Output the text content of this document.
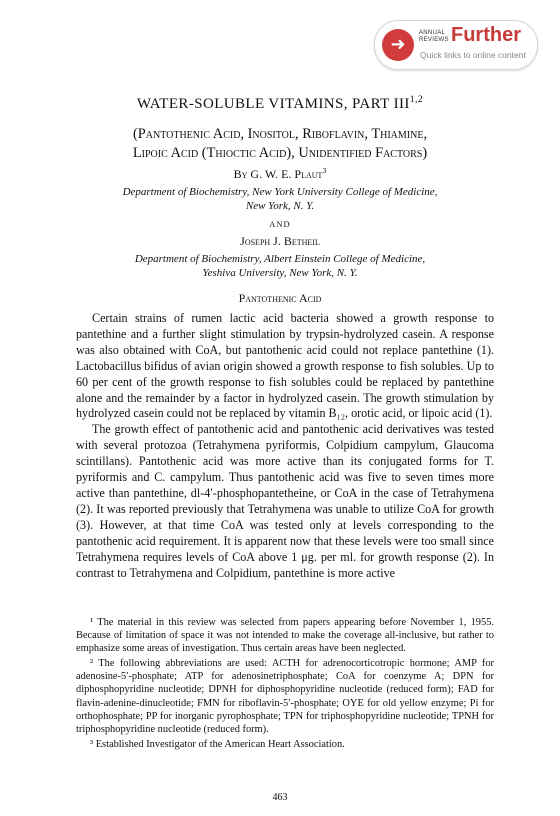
➜
ANNUAL
REVIEWS Further
Quick links to online content
WATER-SOLUBLE VITAMINS, PART III$^{1,2}$
(Pantothenic Acid, Inositol, Riboflavin, Thiamine,
Lipoic Acid (Thioctic Acid), Unidentified Factors)
By G. W. E. Plaut$^3$
Department of Biochemistry, New York University College of Medicine,
New York, N. Y.
AND
Joseph J. Betheil
Department of Biochemistry, Albert Einstein College of Medicine,
Yeshiva University, New York, N. Y.
Pantothenic Acid

Certain strains of rumen lactic acid bacteria showed a growth response to pantethine and a further slight stimulation by trypsin-hydrolyzed casein. A response was also obtained with CoA, but pantothenic acid could not replace pantethine (1). Lactobacillus bifidus of avian origin showed a growth response to fish solubles. Up to 60 per cent of the growth response to fish solubles could be replaced by pantethine alone and the remainder by a factor in hydrolyzed casein. The growth stimulation by hydrolyzed casein could not be replaced by vitamin B₁₂, orotic acid, or lipoic acid (1).

The growth effect of pantothenic acid and pantothenic acid derivatives was tested with several protozoa (Tetrahymena pyriformis, Colpidium campylum, Glaucoma scintillans). Pantothenic acid was more active than its conjugated forms for T. pyriformis and C. campylum. Thus pantothenic acid was five to seven times more active than pantethine, dl-4′-phosphopantetheine, or CoA in the case of Tetrahymena (2). It was reported previously that Tetrahymena was unable to utilize CoA for growth (3). However, at that time CoA was tested only at levels corresponding to the pantothenic acid requirement. It is apparent now that these levels were too small since Tetrahymena requires levels of CoA above 1 μg. per ml. for growth response (2). In contrast to Tetrahymena and Colpidium, pantethine is more active

¹ The material in this review was selected from papers appearing before November 1, 1955. Because of limitation of space it was not intended to make the coverage all-inclusive, but rather to emphasize some areas of investigation. Thus certain areas have been neglected.

² The following abbreviations are used: ACTH for adrenocorticotropic hormone; AMP for adenosine-5′-phosphate; ATP for adenosinetriphosphate; CoA for coenzyme A; DPN for diphosphopyridine nucleotide; DPNH for diphosphopyridine nucleotide (reduced form); FAD for flavin-adenine-dinucleotide; FMN for riboflavin-5′-phosphate; OYE for old yellow enzyme; Pi for orthophosphate; PP for inorganic pyrophosphate; TPN for triphosphopyridine nucleotide; TPNH for triphosphopyridine nucleotide (reduced form).

³ Established Investigator of the American Heart Association.

463
